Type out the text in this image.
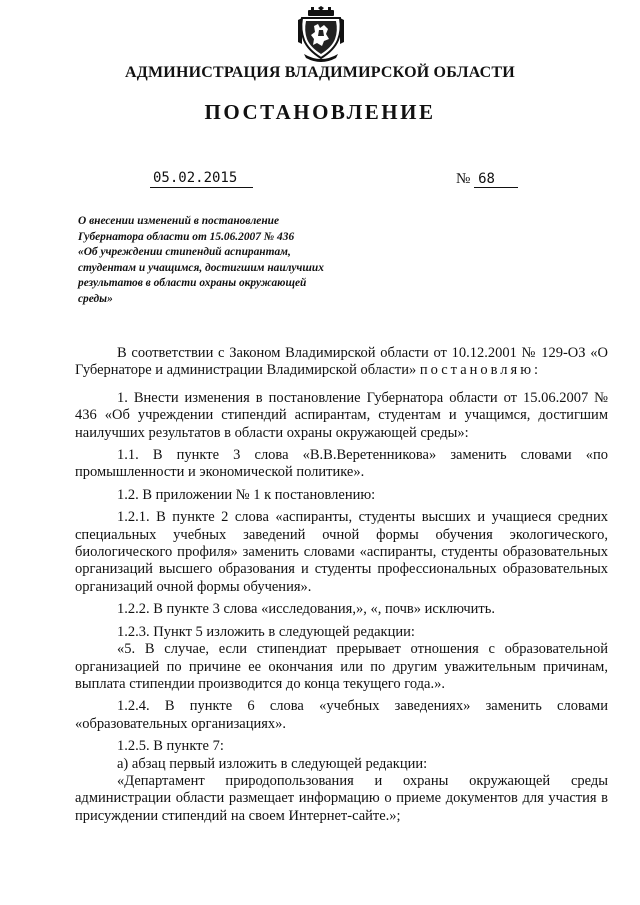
АДМИНИСТРАЦИЯ ВЛАДИМИРСКОЙ ОБЛАСТИ
ПОСТАНОВЛЕНИЕ
05.02.2015	№ 68
О внесении изменений в постановление
Губернатора области от 15.06.2007 № 436
«Об учреждении стипендий аспирантам,
студентам и учащимся, достигшим наилучших
результатов в области охраны окружающей
среды»

В соответствии с Законом Владимирской области от 10.12.2001 № 129-ОЗ «О Губернаторе и администрации Владимирской области» постановляю:

1. Внести изменения в постановление Губернатора области от 15.06.2007 № 436 «Об учреждении стипендий аспирантам, студентам и учащимся, достигшим наилучших результатов в области охраны окружающей среды»:

1.1. В пункте 3 слова «В.В.Веретенникова» заменить словами «по промышленности и экономической политике».

1.2. В приложении № 1 к постановлению:

1.2.1. В пункте 2 слова «аспиранты, студенты высших и учащиеся средних специальных учебных заведений очной формы обучения экологического, биологического профиля» заменить словами «аспиранты, студенты образовательных организаций высшего образования и студенты профессиональных образовательных организаций очной формы обучения».

1.2.2. В пункте 3 слова «исследования,», «, почв» исключить.

1.2.3. Пункт 5 изложить в следующей редакции:

«5. В случае, если стипендиат прерывает отношения с образовательной организацией по причине ее окончания или по другим уважительным причинам, выплата стипендии производится до конца текущего года.».

1.2.4. В пункте 6 слова «учебных заведениях» заменить словами «образовательных организациях».

1.2.5. В пункте 7:

а) абзац первый изложить в следующей редакции:

«Департамент природопользования и охраны окружающей среды администрации области размещает информацию о приеме документов для участия в присуждении стипендий на своем Интернет-сайте.»;
